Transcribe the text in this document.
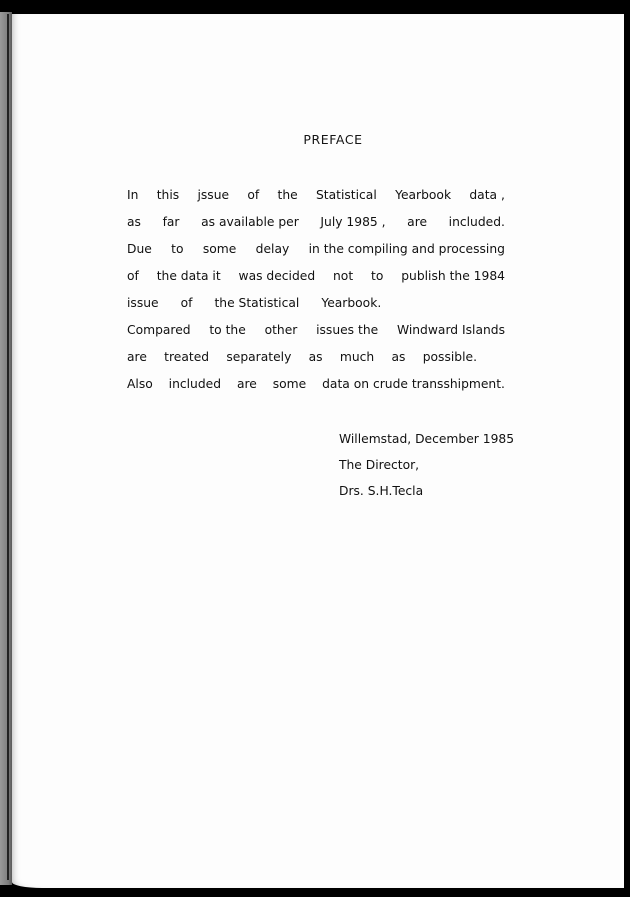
PREFACE
In this jssue of the Statistical Yearbook data ,
as far as available per July 1985 , are included.
Due to some delay in the compiling and processing
of the data it was decided not to publish the 1984
issue of the Statistical Yearbook.
Compared to the other issues the Windward Islands
are treated separately as much as possible.
Also included are some data on crude transshipment.
Willemstad, December 1985
The Director,
Drs. S.H.Tecla
